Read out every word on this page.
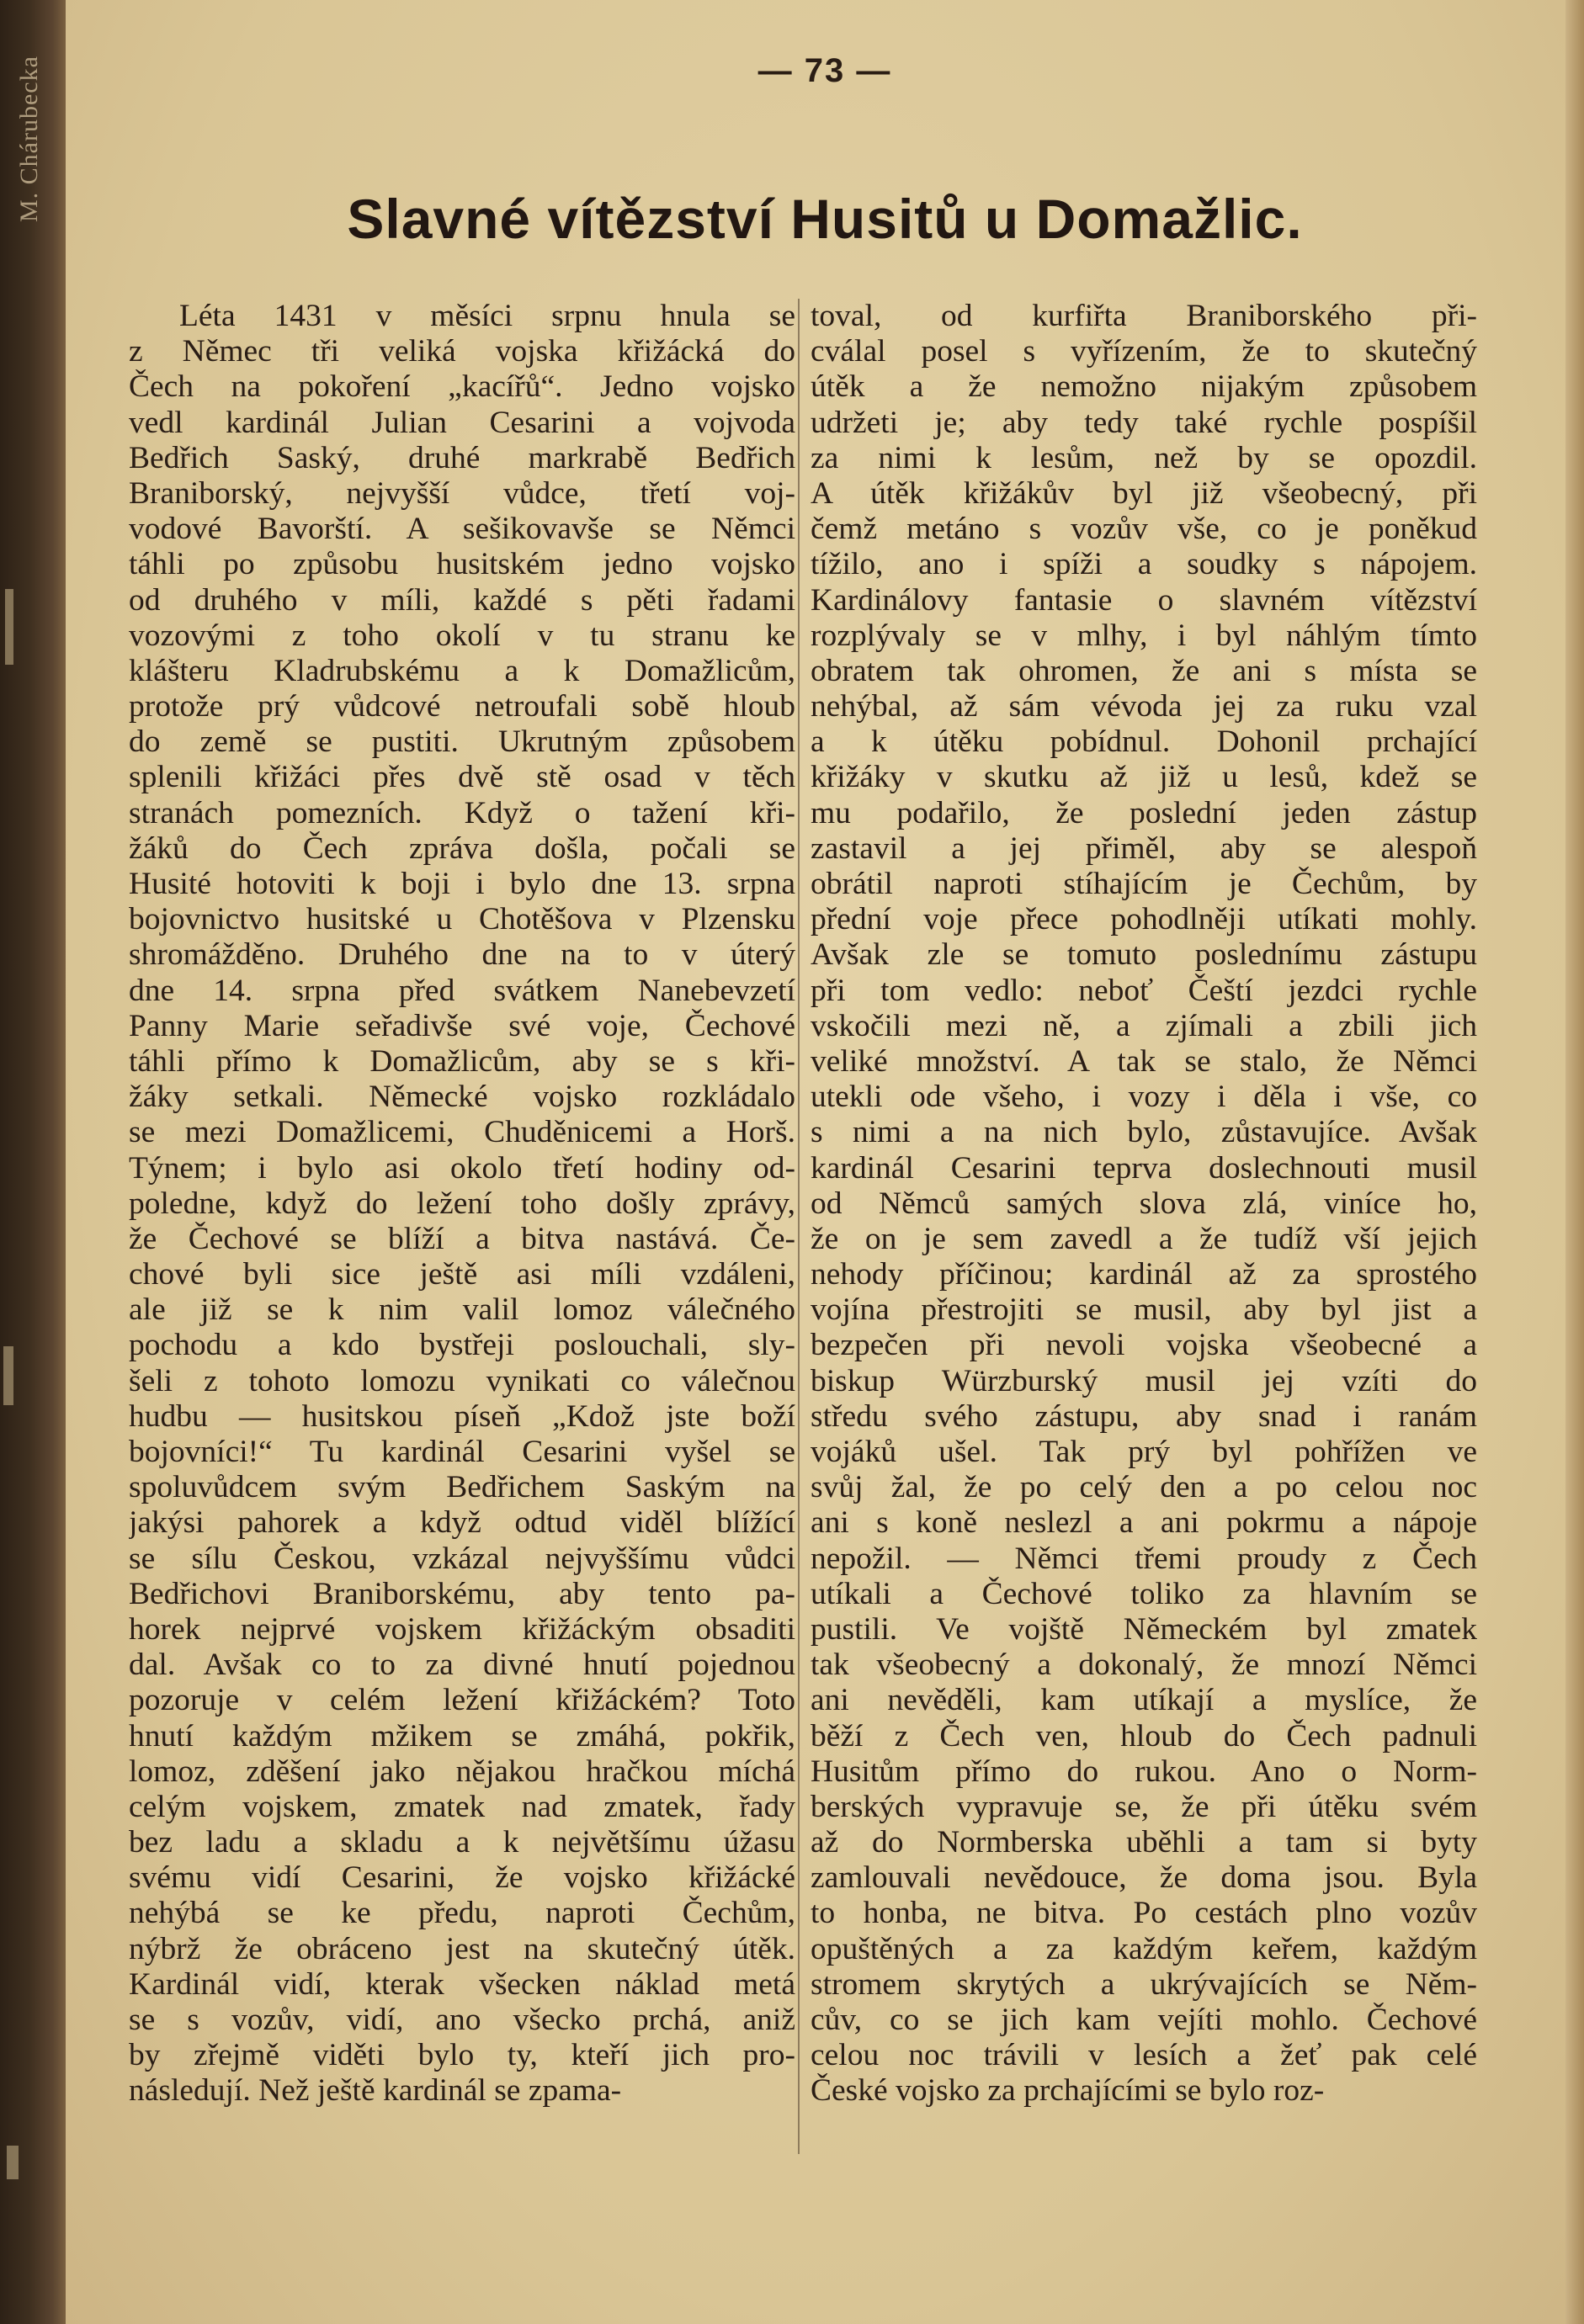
M. Chárubecka	— 73 —
Slavné vítězství Husitů u Domažlic.
Léta 1431 v měsíci srpnu hnula se
z Němec tři veliká vojska křižácká do
Čech na pokoření „kacířů“. Jedno vojsko
vedl kardinál Julian Cesarini a vojvoda
Bedřich Saský, druhé markrabě Bedřich
Braniborský, nejvyšší vůdce, třetí voj-
vodové Bavorští. A sešikovavše se Němci
táhli po způsobu husitském jedno vojsko
od druhého v míli, každé s pěti řadami
vozovými z toho okolí v tu stranu ke
klášteru Kladrubskému a k Domažlicům,
protože prý vůdcové netroufali sobě hloub
do země se pustiti. Ukrutným způsobem
splenili křižáci přes dvě stě osad v těch
stranách pomezních. Když o tažení kři-
žáků do Čech zpráva došla, počali se
Husité hotoviti k boji i bylo dne 13. srpna
bojovnictvo husitské u Chotěšova v Plzensku
shromážděno. Druhého dne na to v úterý
dne 14. srpna před svátkem Nanebevzetí
Panny Marie seřadivše své voje, Čechové
táhli přímo k Domažlicům, aby se s kři-
žáky setkali. Německé vojsko rozkládalo
se mezi Domažlicemi, Chuděnicemi a Horš.
Týnem; i bylo asi okolo třetí hodiny od-
poledne, když do ležení toho došly zprávy,
že Čechové se blíží a bitva nastává. Če-
chové byli sice ještě asi míli vzdáleni,
ale již se k nim valil lomoz válečného
pochodu a kdo bystřeji poslouchali, sly-
šeli z tohoto lomozu vynikati co válečnou
hudbu — husitskou píseň „Kdož jste boží
bojovníci!“ Tu kardinál Cesarini vyšel se
spoluvůdcem svým Bedřichem Saským na
jakýsi pahorek a když odtud viděl blížící
se sílu Českou, vzkázal nejvyššímu vůdci
Bedřichovi Braniborskému, aby tento pa-
horek nejprvé vojskem křižáckým obsaditi
dal. Avšak co to za divné hnutí pojednou
pozoruje v celém ležení křižáckém? Toto
hnutí každým mžikem se zmáhá, pokřik,
lomoz, zděšení jako nějakou hračkou míchá
celým vojskem, zmatek nad zmatek, řady
bez ladu a skladu a k největšímu úžasu
svému vidí Cesarini, že vojsko křižácké
nehýbá se ke předu, naproti Čechům,
nýbrž že obráceno jest na skutečný útěk.
Kardinál vidí, kterak všecken náklad metá
se s vozův, vidí, ano všecko prchá, aniž
by zřejmě viděti bylo ty, kteří jich pro-
následují. Než ještě kardinál se zpama-
toval, od kurfiřta Braniborského při-
cválal posel s vyřízením, že to skutečný
útěk a že nemožno nijakým způsobem
udržeti je; aby tedy také rychle pospíšil
za nimi k lesům, než by se opozdil.
A útěk křižákův byl již všeobecný, při
čemž metáno s vozův vše, co je poněkud
tížilo, ano i spíži a soudky s nápojem.
Kardinálovy fantasie o slavném vítězství
rozplývaly se v mlhy, i byl náhlým tímto
obratem tak ohromen, že ani s místa se
nehýbal, až sám vévoda jej za ruku vzal
a k útěku pobídnul. Dohonil prchající
křižáky v skutku až již u lesů, kdež se
mu podařilo, že poslední jeden zástup
zastavil a jej přiměl, aby se alespoň
obrátil naproti stíhajícím je Čechům, by
přední voje přece pohodlněji utíkati mohly.
Avšak zle se tomuto poslednímu zástupu
při tom vedlo: neboť Čeští jezdci rychle
vskočili mezi ně, a zjímali a zbili jich
veliké množství. A tak se stalo, že Němci
utekli ode všeho, i vozy i děla i vše, co
s nimi a na nich bylo, zůstavujíce. Avšak
kardinál Cesarini teprva doslechnouti musil
od Němců samých slova zlá, viníce ho,
že on je sem zavedl a že tudíž vší jejich
nehody příčinou; kardinál až za sprostého
vojína přestrojiti se musil, aby byl jist a
bezpečen při nevoli vojska všeobecné a
biskup Würzburský musil jej vzíti do
středu svého zástupu, aby snad i ranám
vojáků ušel. Tak prý byl pohřížen ve
svůj žal, že po celý den a po celou noc
ani s koně neslezl a ani pokrmu a nápoje
nepožil. — Němci třemi proudy z Čech
utíkali a Čechové toliko za hlavním se
pustili. Ve vojště Německém byl zmatek
tak všeobecný a dokonalý, že mnozí Němci
ani nevěděli, kam utíkají a myslíce, že
běží z Čech ven, hloub do Čech padnuli
Husitům přímo do rukou. Ano o Norm-
berských vypravuje se, že při útěku svém
až do Normberska uběhli a tam si byty
zamlouvali nevědouce, že doma jsou. Byla
to honba, ne bitva. Po cestách plno vozův
opuštěných a za každým keřem, každým
stromem skrytých a ukrývajících se Něm-
cův, co se jich kam vejíti mohlo. Čechové
celou noc trávili v lesích a žeť pak celé
České vojsko za prchajícími se bylo roz-
